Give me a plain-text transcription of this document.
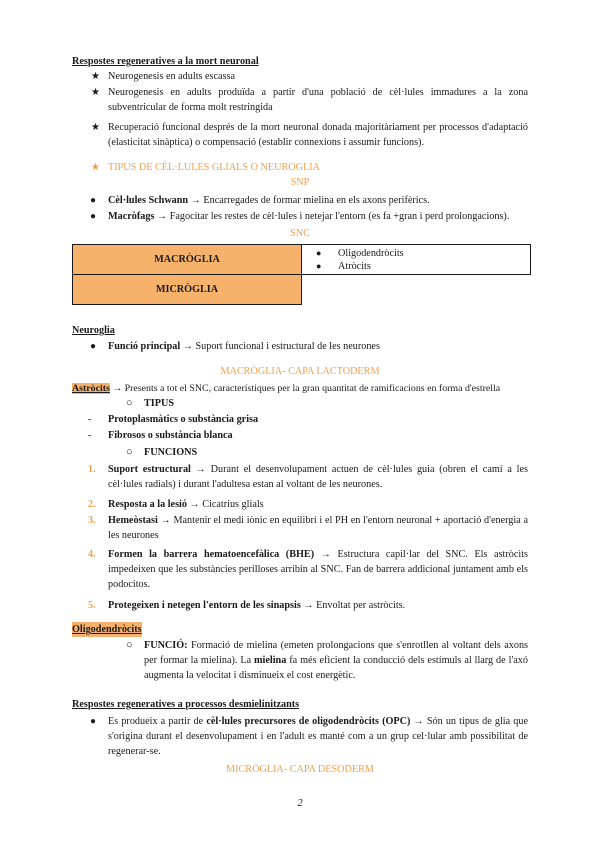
Respostes regeneratives a la mort neuronal
★ Neurogenesis en adults escassa
★ Neurogenesis en adults produïda a partir d'una població de cèl·lules immadures a la zona subventricular de forma molt restringida
★ Recuperació funcional després de la mort neuronal donada majoritàriament per processos d'adaptació (elasticitat sinàptica) o compensació (establir connexions i assumir funcions).
★ TIPUS DE CÈL·LULES GLIALS O NEUROGLIA
SNP
● Cèl·lules Schwann → Encarregades de formar mielina en els axons perifèrics.
● Macròfags → Fagocitar les restes de cèl·lules i netejar l'entorn (es fa +gran i perd prolongacions).
SNC
MACRÒGLIA	● Oligodendròcits
● Atròcits

MICRÒGLIA	
Neuroglia
● Funció principal → Suport funcional i estructural de les neurones
MACRÒGLIA- CAPA LACTODERM
Astròcits → Presents a tot el SNC, característiques per la gran quantitat de ramificacions en forma d'estrella
○ TIPUS
- Protoplasmàtics o substància grisa
- Fibrosos o substància blanca
○ FUNCIONS
1. Suport estructural → Durant el desenvolupament actuen de cèl·lules guia (obren el camí a les cèl·lules radials) i durant l'adultesa estan al voltant de les neurones.
2. Resposta a la lesió → Cicatrius glials
3. Hemeòstasi → Mantenir el medi iònic en equilibri i el PH en l'entorn neuronal + aportació d'energia a les neurones
4. Formen la barrera hematoencefàlica (BHE) → Estructura capil·lar del SNC. Els astròcits impedeixen que les substàncies perilloses arribin al SNC. Fan de barrera addicional juntament amb els podocitos.
5. Protegeixen i netegen l'entorn de les sinapsis → Envoltat per astròcits.
Oligodendròcits
○ FUNCIÓ: Formació de mielina (emeten prolongacions que s'enrotllen al voltant dels axons per formar la mielina). La mielina fa més eficient la conducció dels estímuls al llarg de l'axó augmenta la velocitat i disminueix el cost energètic.
Respostes regeneratives a processos desmielinitzants
● Es produeix a partir de cèl·lules precursores de oligodendròcits (OPC) → Són un tipus de glia que s'origina durant el desenvolupament i en l'adult es manté com a un grup cel·lular amb possibilitat de regenerar-se.
MICRÒGLIA- CAPA DESODERM
2
